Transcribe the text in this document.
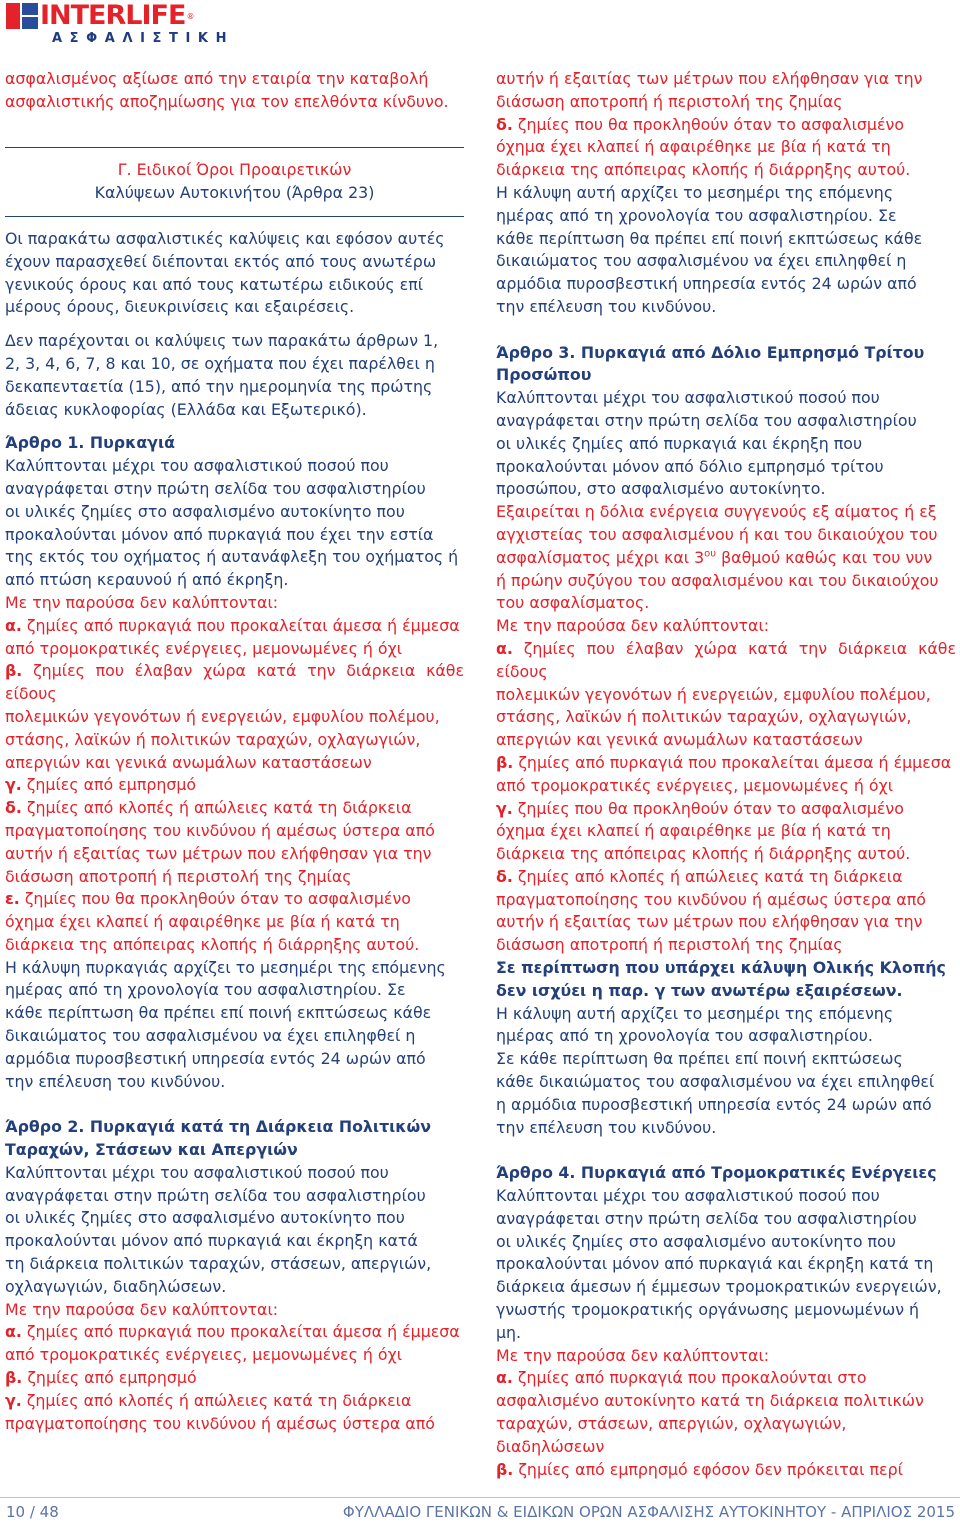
INTERLIFE ®
ΑΣΦΑΛΙΣΤΙΚΗ

ασφαλισμένος αξίωσε από την εταιρία την καταβολή

ασφαλιστικής αποζημίωσης για τον επελθόντα κίνδυνο.

Γ. Ειδικοί Όροι Προαιρετικών

Καλύψεων Αυτοκινήτου (Άρθρα 23)

Οι παρακάτω ασφαλιστικές καλύψεις και εφόσον αυτές

έχουν παρασχεθεί διέπονται εκτός από τους ανωτέρω

γενικούς όρους και από τους κατωτέρω ειδικούς επί

μέρους όρους, διευκρινίσεις και εξαιρέσεις.

Δεν παρέχονται οι καλύψεις των παρακάτω άρθρων 1,

2, 3, 4, 6, 7, 8 και 10, σε οχήματα που έχει παρέλθει η

δεκαπενταετία (15), από την ημερομηνία της πρώτης

άδειας κυκλοφορίας (Ελλάδα και Εξωτερικό).

Άρθρο 1. Πυρκαγιά

Καλύπτονται μέχρι του ασφαλιστικού ποσού που

αναγράφεται στην πρώτη σελίδα του ασφαλιστηρίου

οι υλικές ζημίες στο ασφαλισμένο αυτοκίνητο που

προκαλούνται μόνον από πυρκαγιά που έχει την εστία

της εκτός του οχήματος ή αυτανάφλεξη του οχήματος ή

από πτώση κεραυνού ή από έκρηξη.

Με την παρούσα δεν καλύπτονται:

α. ζημίες από πυρκαγιά που προκαλείται άμεσα ή έμμεσα

από τρομοκρατικές ενέργειες, μεμονωμένες ή όχι

β. ζημίες που έλαβαν χώρα κατά την διάρκεια κάθε είδους

πολεμικών γεγονότων ή ενεργειών, εμφυλίου πολέμου,

στάσης, λαϊκών ή πολιτικών ταραχών, οχλαγωγιών,

απεργιών και γενικά ανωμάλων καταστάσεων

γ. ζημίες από εμπρησμό

δ. ζημίες από κλοπές ή απώλειες κατά τη διάρκεια

πραγματοποίησης του κινδύνου ή αμέσως ύστερα από

αυτήν ή εξαιτίας των μέτρων που ελήφθησαν για την

διάσωση αποτροπή ή περιστολή της ζημίας

ε. ζημίες που θα προκληθούν όταν το ασφαλισμένο

όχημα έχει κλαπεί ή αφαιρέθηκε με βία ή κατά τη

διάρκεια της απόπειρας κλοπής ή διάρρηξης αυτού.

Η κάλυψη πυρκαγιάς αρχίζει το μεσημέρι της επόμενης

ημέρας από τη χρονολογία του ασφαλιστηρίου. Σε

κάθε περίπτωση θα πρέπει επί ποινή εκπτώσεως κάθε

δικαιώματος του ασφαλισμένου να έχει επιληφθεί η

αρμόδια πυροσβεστική υπηρεσία εντός 24 ωρών από

την επέλευση του κινδύνου.

Άρθρο 2. Πυρκαγιά κατά τη Διάρκεια Πολιτικών

Ταραχών, Στάσεων και Απεργιών

Καλύπτονται μέχρι του ασφαλιστικού ποσού που

αναγράφεται στην πρώτη σελίδα του ασφαλιστηρίου

οι υλικές ζημίες στο ασφαλισμένο αυτοκίνητο που

προκαλούνται μόνον από πυρκαγιά και έκρηξη κατά

τη διάρκεια πολιτικών ταραχών, στάσεων, απεργιών,

οχλαγωγιών, διαδηλώσεων.

Με την παρούσα δεν καλύπτονται:

α. ζημίες από πυρκαγιά που προκαλείται άμεσα ή έμμεσα

από τρομοκρατικές ενέργειες, μεμονωμένες ή όχι

β. ζημίες από εμπρησμό

γ. ζημίες από κλοπές ή απώλειες κατά τη διάρκεια

πραγματοποίησης του κινδύνου ή αμέσως ύστερα από

αυτήν ή εξαιτίας των μέτρων που ελήφθησαν για την

διάσωση αποτροπή ή περιστολή της ζημίας

δ. ζημίες που θα προκληθούν όταν το ασφαλισμένο

όχημα έχει κλαπεί ή αφαιρέθηκε με βία ή κατά τη

διάρκεια της απόπειρας κλοπής ή διάρρηξης αυτού.

Η κάλυψη αυτή αρχίζει το μεσημέρι της επόμενης

ημέρας από τη χρονολογία του ασφαλιστηρίου. Σε

κάθε περίπτωση θα πρέπει επί ποινή εκπτώσεως κάθε

δικαιώματος του ασφαλισμένου να έχει επιληφθεί η

αρμόδια πυροσβεστική υπηρεσία εντός 24 ωρών από

την επέλευση του κινδύνου.

Άρθρο 3. Πυρκαγιά από Δόλιο Εμπρησμό Τρίτου

Προσώπου

Καλύπτονται μέχρι του ασφαλιστικού ποσού που

αναγράφεται στην πρώτη σελίδα του ασφαλιστηρίου

οι υλικές ζημίες από πυρκαγιά και έκρηξη που

προκαλούνται μόνον από δόλιο εμπρησμό τρίτου

προσώπου, στο ασφαλισμένο αυτοκίνητο.

Εξαιρείται η δόλια ενέργεια συγγενούς εξ αίματος ή εξ

αγχιστείας του ασφαλισμένου ή και του δικαιούχου του

ασφαλίσματος μέχρι και $3^{o\upsilon}$ βαθμού καθώς και του νυν

ή πρώην συζύγου του ασφαλισμένου και του δικαιούχου

του ασφαλίσματος.

Με την παρούσα δεν καλύπτονται:

α. ζημίες που έλαβαν χώρα κατά την διάρκεια κάθε είδους

πολεμικών γεγονότων ή ενεργειών, εμφυλίου πολέμου,

στάσης, λαϊκών ή πολιτικών ταραχών, οχλαγωγιών,

απεργιών και γενικά ανωμάλων καταστάσεων

β. ζημίες από πυρκαγιά που προκαλείται άμεσα ή έμμεσα

από τρομοκρατικές ενέργειες, μεμονωμένες ή όχι

γ. ζημίες που θα προκληθούν όταν το ασφαλισμένο

όχημα έχει κλαπεί ή αφαιρέθηκε με βία ή κατά τη

διάρκεια της απόπειρας κλοπής ή διάρρηξης αυτού.

δ. ζημίες από κλοπές ή απώλειες κατά τη διάρκεια

πραγματοποίησης του κινδύνου ή αμέσως ύστερα από

αυτήν ή εξαιτίας των μέτρων που ελήφθησαν για την

διάσωση αποτροπή ή περιστολή της ζημίας

Σε περίπτωση που υπάρχει κάλυψη Ολικής Κλοπής

δεν ισχύει η παρ. γ των ανωτέρω εξαιρέσεων.

Η κάλυψη αυτή αρχίζει το μεσημέρι της επόμενης

ημέρας από τη χρονολογία του ασφαλιστηρίου.

Σε κάθε περίπτωση θα πρέπει επί ποινή εκπτώσεως

κάθε δικαιώματος του ασφαλισμένου να έχει επιληφθεί

η αρμόδια πυροσβεστική υπηρεσία εντός 24 ωρών από

την επέλευση του κινδύνου.

Άρθρο 4. Πυρκαγιά από Τρομοκρατικές Ενέργειες

Καλύπτονται μέχρι του ασφαλιστικού ποσού που

αναγράφεται στην πρώτη σελίδα του ασφαλιστηρίου

οι υλικές ζημίες στο ασφαλισμένο αυτοκίνητο που

προκαλούνται μόνον από πυρκαγιά και έκρηξη κατά τη

διάρκεια άμεσων ή έμμεσων τρομοκρατικών ενεργειών,

γνωστής τρομοκρατικής οργάνωσης μεμονωμένων ή

μη.

Με την παρούσα δεν καλύπτονται:

α. ζημίες από πυρκαγιά που προκαλούνται στο

ασφαλισμένο αυτοκίνητο κατά τη διάρκεια πολιτικών

ταραχών, στάσεων, απεργιών, οχλαγωγιών,

διαδηλώσεων

β. ζημίες από εμπρησμό εφόσον δεν πρόκειται περί

10 / 48	ΦΥΛΛΑΔΙΟ ΓΕΝΙΚΩΝ & ΕΙΔΙΚΩΝ ΟΡΩΝ ΑΣΦΑΛΙΣΗΣ ΑΥΤΟΚΙΝΗΤΟΥ - ΑΠΡΙΛΙΟΣ 2015
